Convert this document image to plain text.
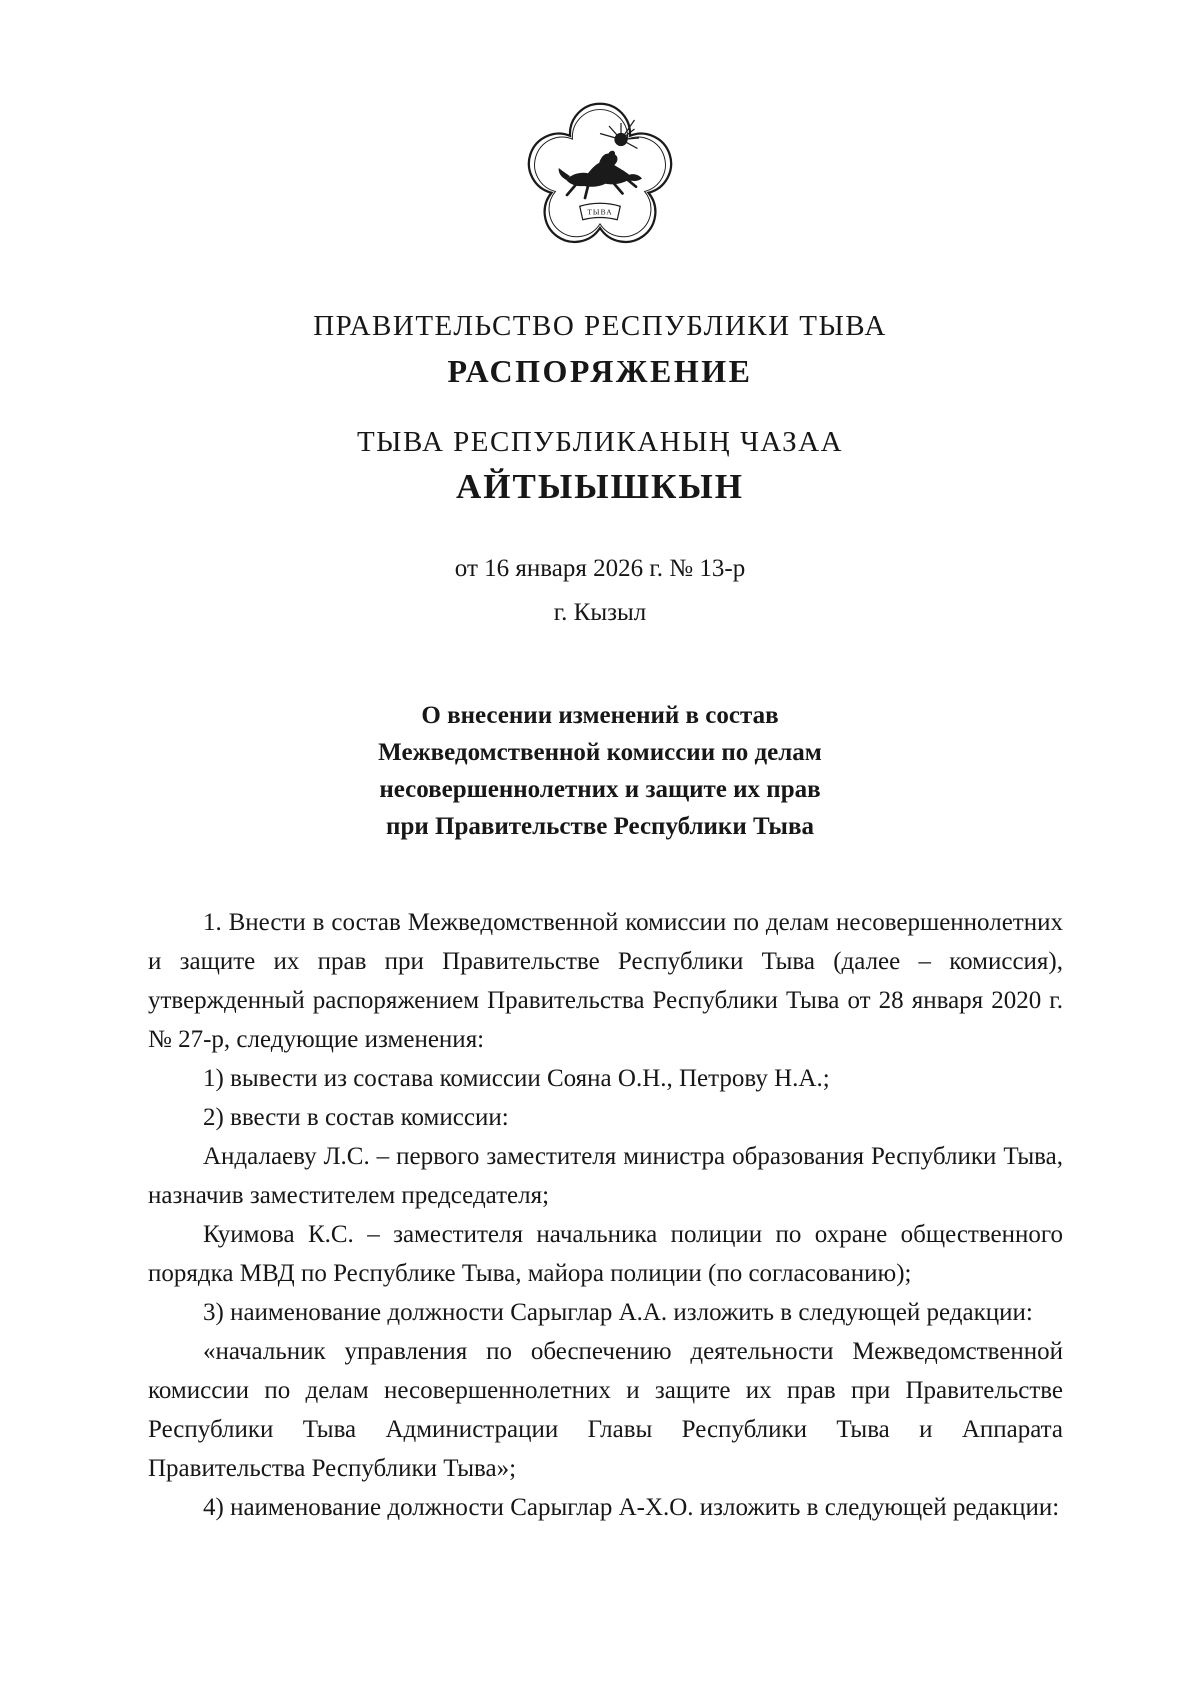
ТЫВА
ПРАВИТЕЛЬСТВО РЕСПУБЛИКИ ТЫВА
РАСПОРЯЖЕНИЕ
ТЫВА РЕСПУБЛИКАНЫҢ ЧАЗАА
АЙТЫЫШКЫН
от 16 января 2026 г. № 13-р
г. Кызыл
О внесении изменений в состав
Межведомственной комиссии по делам
несовершеннолетних и защите их прав
при Правительстве Республики Тыва

1. Внести в состав Межведомственной комиссии по делам несовершеннолетних и защите их прав при Правительстве Республики Тыва (далее – комиссия), утвержденный распоряжением Правительства Республики Тыва от 28 января 2020 г. № 27-р, следующие изменения:

1) вывести из состава комиссии Сояна О.Н., Петрову Н.А.;

2) ввести в состав комиссии:

Андалаеву Л.С. – первого заместителя министра образования Республики Тыва, назначив заместителем председателя;

Куимова К.С. – заместителя начальника полиции по охране общественного порядка МВД по Республике Тыва, майора полиции (по согласованию);

3) наименование должности Сарыглар А.А. изложить в следующей редакции:

«начальник управления по обеспечению деятельности Межведомственной комиссии по делам несовершеннолетних и защите их прав при Правительстве Республики Тыва Администрации Главы Республики Тыва и Аппарата Правительства Республики Тыва»;

4) наименование должности Сарыглар А-Х.О. изложить в следующей редакции:
